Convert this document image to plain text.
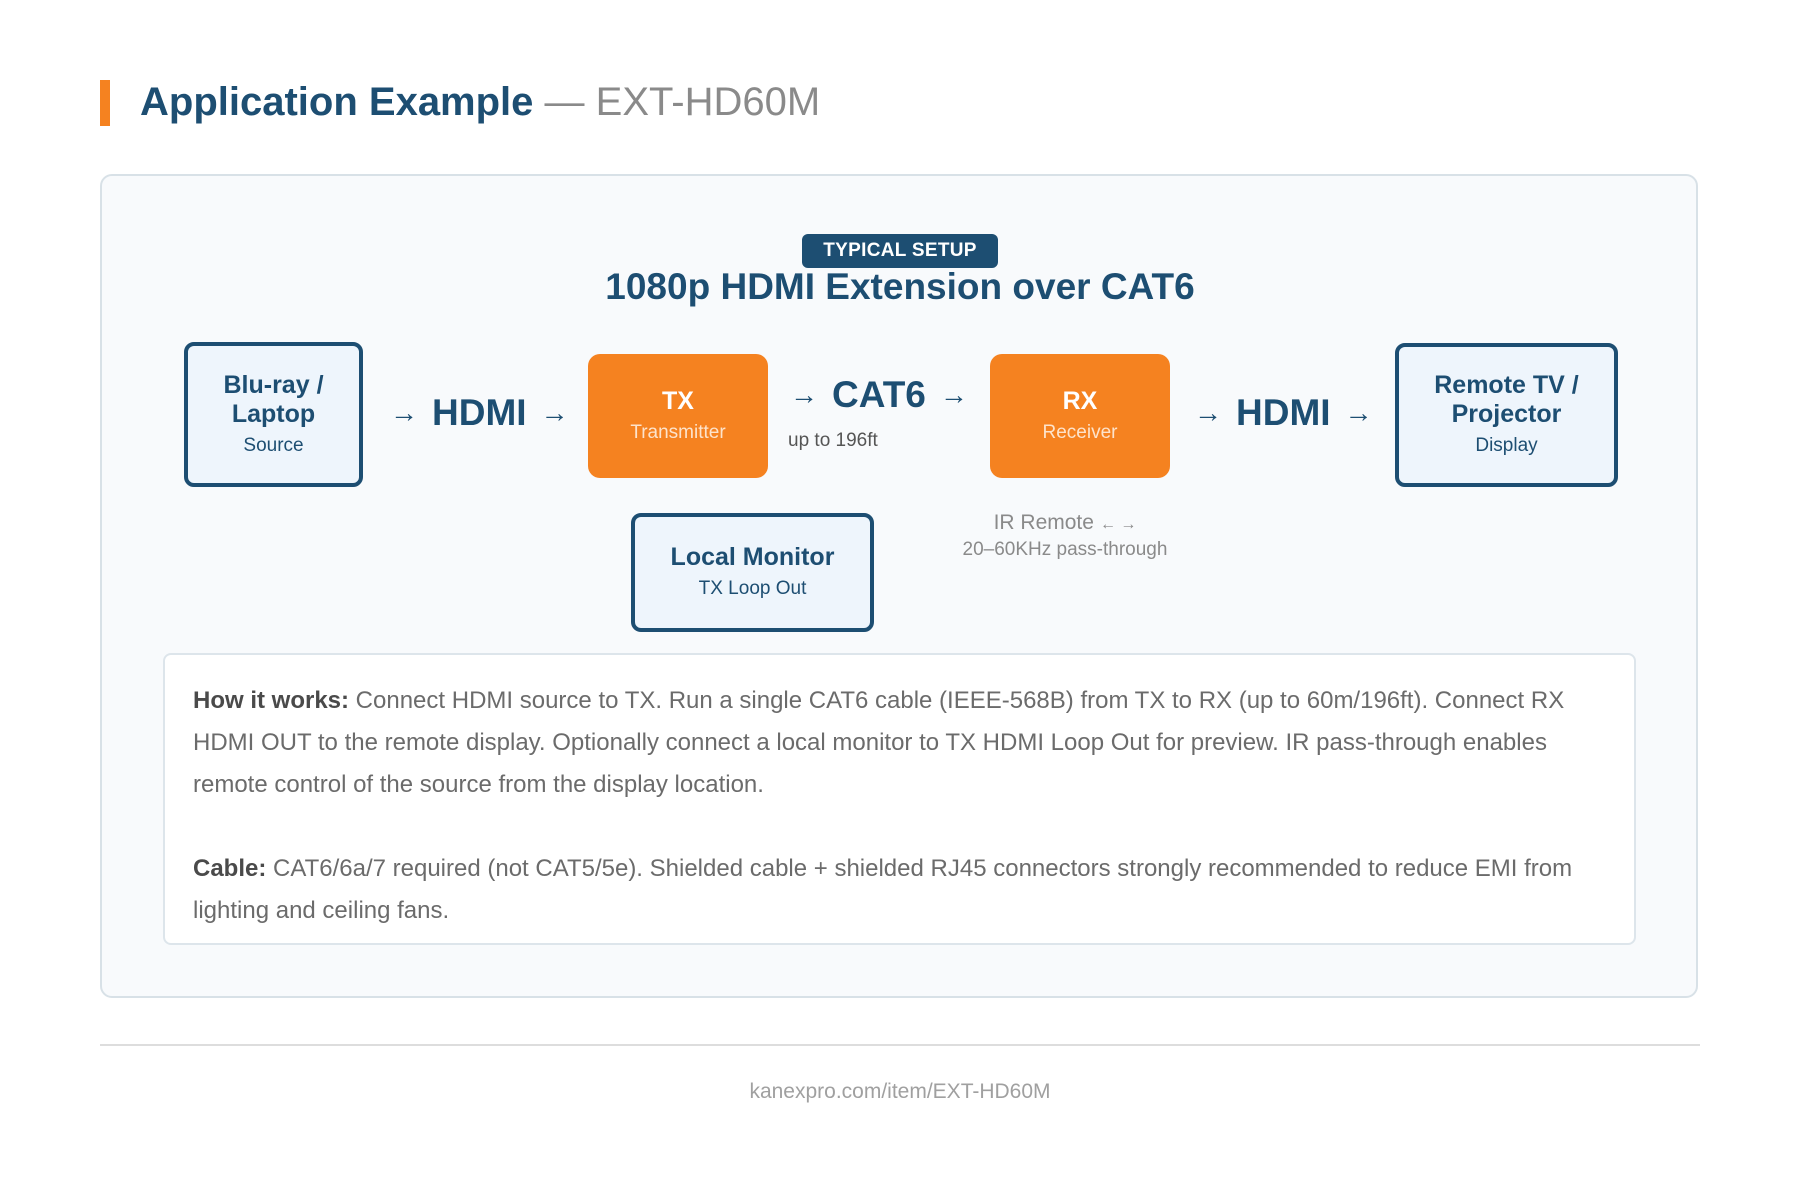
Application Example — EXT-HD60M
TYPICAL SETUP
1080p HDMI Extension over CAT6
Blu-ray /
Laptop
Source
→ HDMI →	TX
Transmitter
→ CAT6 →
up to 196ft
RX
Receiver
→ HDMI →
Remote TV /
Projector
Display
Local Monitor
TX Loop Out
IR Remote ← →
20–60KHz pass-through

How it works: Connect HDMI source to TX. Run a single CAT6 cable (IEEE-568B) from TX to RX (up to 60m/196ft). Connect RX HDMI OUT to the remote display. Optionally connect a local monitor to TX HDMI Loop Out for preview. IR pass-through enables remote control of the source from the display location.

Cable: CAT6/6a/7 required (not CAT5/5e). Shielded cable + shielded RJ45 connectors strongly recommended to reduce EMI from lighting and ceiling fans.

kanexpro.com/item/EXT-HD60M
